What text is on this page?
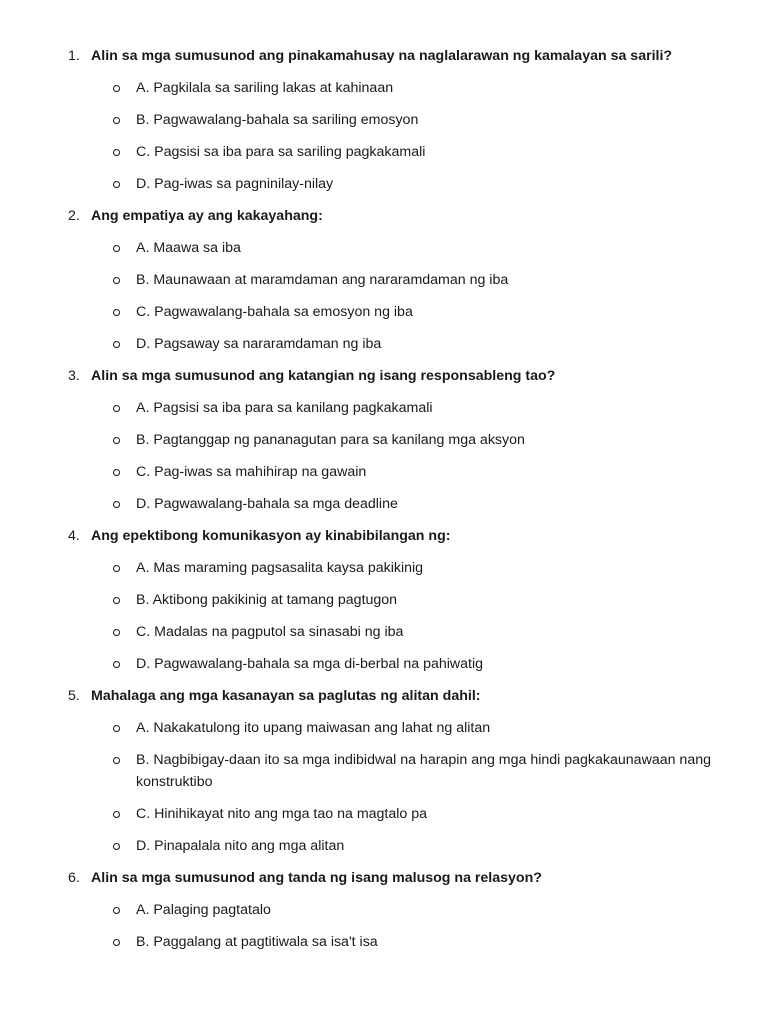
1. Alin sa mga sumusunod ang pinakamahusay na naglalarawan ng kamalayan sa sarili?
A. Pagkilala sa sariling lakas at kahinaan
B. Pagwawalang-bahala sa sariling emosyon
C. Pagsisi sa iba para sa sariling pagkakamali
D. Pag-iwas sa pagninilay-nilay
2. Ang empatiya ay ang kakayahang:
A. Maawa sa iba
B. Maunawaan at maramdaman ang nararamdaman ng iba
C. Pagwawalang-bahala sa emosyon ng iba
D. Pagsaway sa nararamdaman ng iba
3. Alin sa mga sumusunod ang katangian ng isang responsableng tao?
A. Pagsisi sa iba para sa kanilang pagkakamali
B. Pagtanggap ng pananagutan para sa kanilang mga aksyon
C. Pag-iwas sa mahihirap na gawain
D. Pagwawalang-bahala sa mga deadline
4. Ang epektibong komunikasyon ay kinabibilangan ng:
A. Mas maraming pagsasalita kaysa pakikinig
B. Aktibong pakikinig at tamang pagtugon
C. Madalas na pagputol sa sinasabi ng iba
D. Pagwawalang-bahala sa mga di-berbal na pahiwatig
5. Mahalaga ang mga kasanayan sa paglutas ng alitan dahil:
A. Nakakatulong ito upang maiwasan ang lahat ng alitan
B. Nagbibigay-daan ito sa mga indibidwal na harapin ang mga hindi pagkakaunawaan nang konstruktibo
C. Hinihikayat nito ang mga tao na magtalo pa
D. Pinapalala nito ang mga alitan
6. Alin sa mga sumusunod ang tanda ng isang malusog na relasyon?
A. Palaging pagtatalo
B. Paggalang at pagtitiwala sa isa't isa
